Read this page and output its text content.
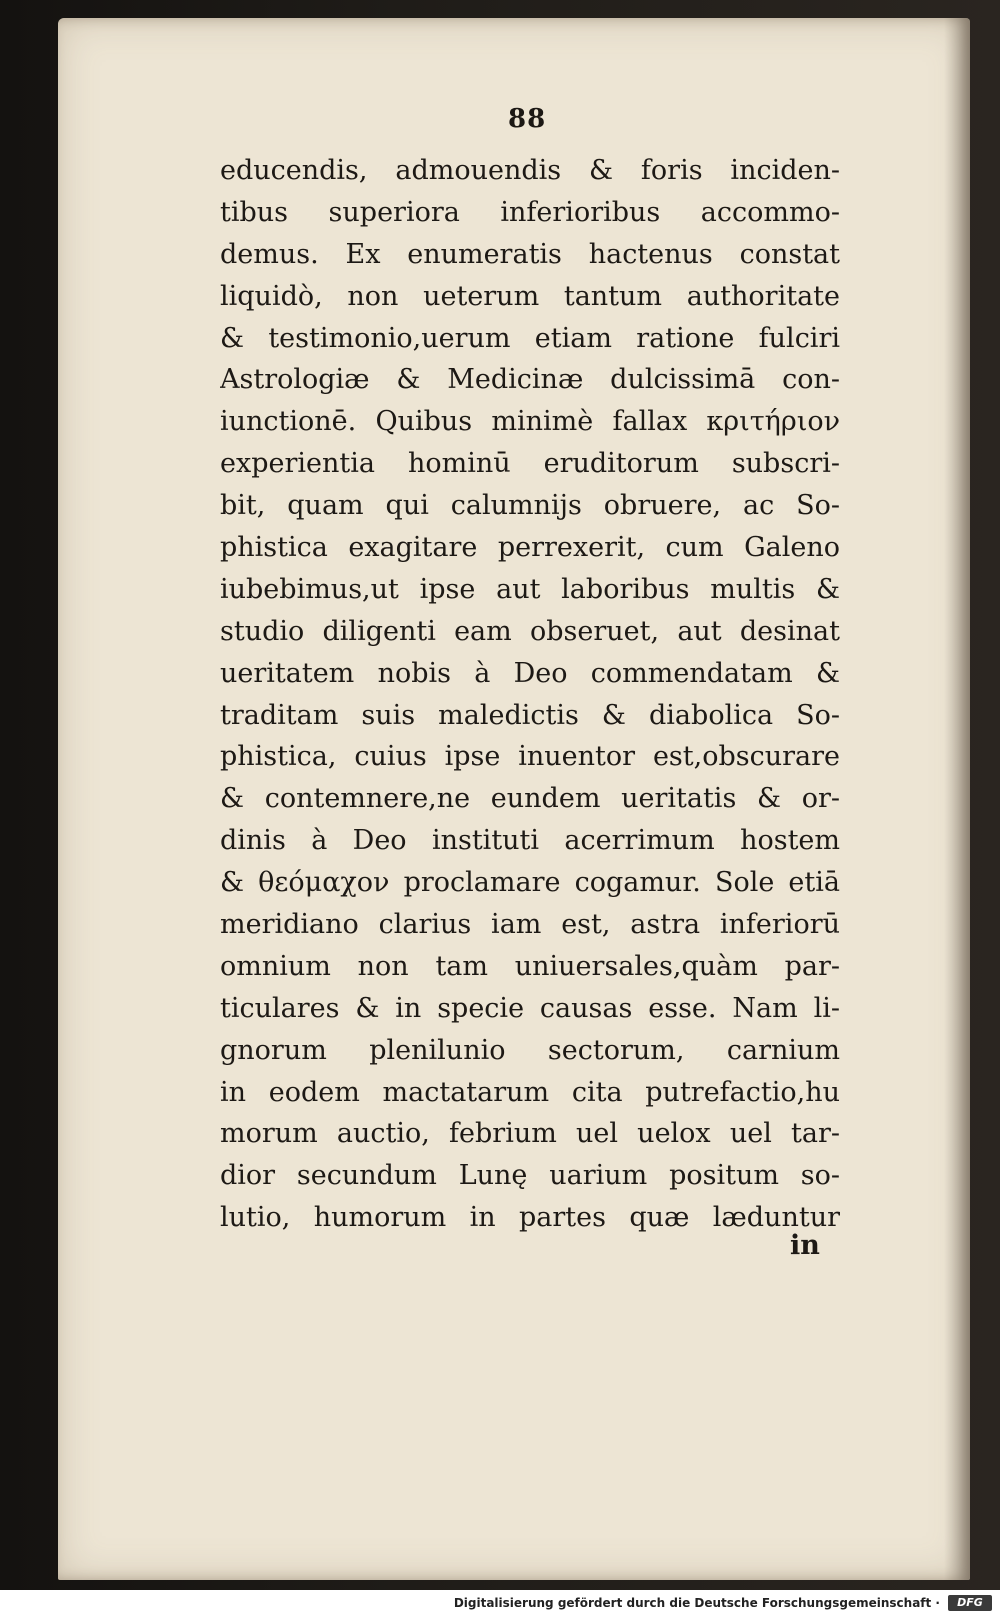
88
educendis, admouendis & foris inciden-
tibus superiora inferioribus accommo-
demus. Ex enumeratis hactenus constat
liquidò, non ueterum tantum authoritate
& testimonio,uerum etiam ratione fulciri
Astrologiæ & Medicinæ dulcissimā con-
iunctionē. Quibus minimè fallax κριτήριον
experientia hominū eruditorum subscri-
bit, quam qui calumnijs obruere, ac So-
phistica exagitare perrexerit, cum Galeno
iubebimus,ut ipse aut laboribus multis &
studio diligenti eam obseruet, aut desinat
ueritatem nobis à Deo commendatam &
traditam suis maledictis & diabolica So-
phistica, cuius ipse inuentor est,obscurare
& contemnere,ne eundem ueritatis & or-
dinis à Deo instituti acerrimum hostem
& θεόμαχον proclamare cogamur. Sole etiā
meridiano clarius iam est, astra inferiorū
omnium non tam uniuersales,quàm par-
ticulares & in specie causas esse. Nam li-
gnorum plenilunio sectorum, carnium
in eodem mactatarum cita putrefactio,hu
morum auctio, febrium uel uelox uel tar-
dior secundum Lunę uarium positum so-
lutio, humorum in partes quæ læduntur
in
Digitalisierung gefördert durch die Deutsche Forschungsgemeinschaft ·	DFG
